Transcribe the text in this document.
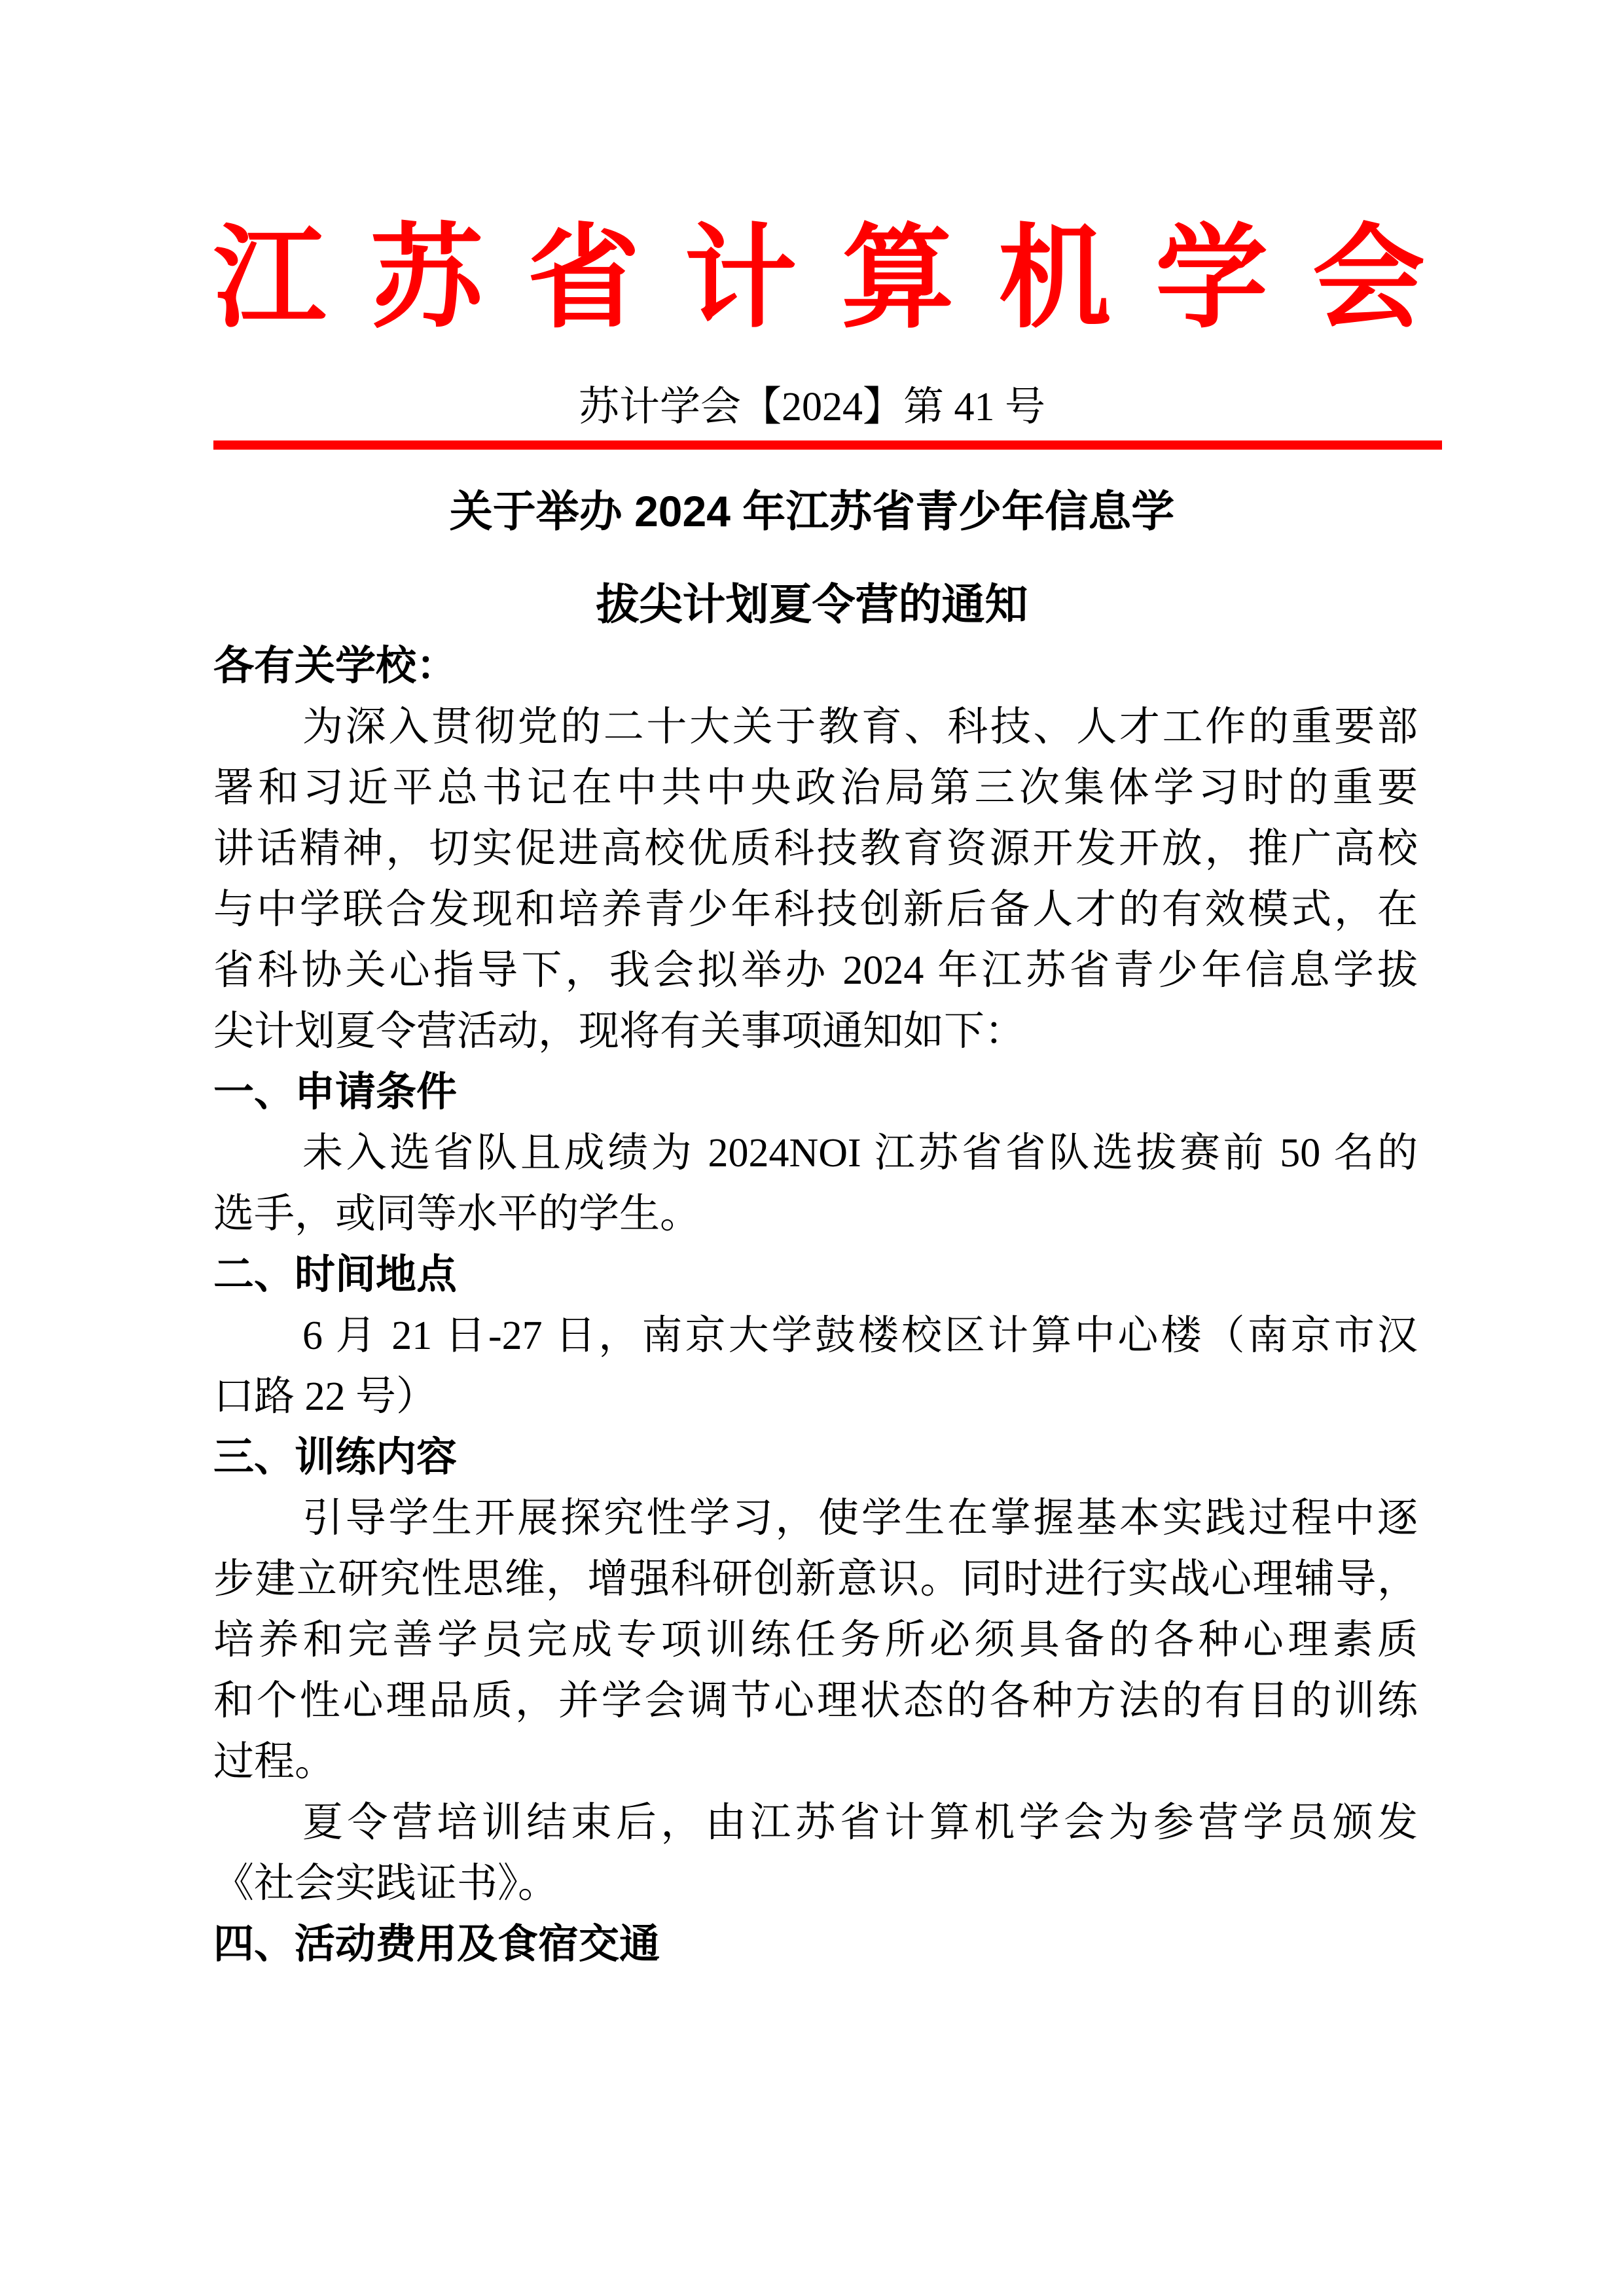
江 苏 省 计 算 机 学 会
苏计学会【2024】第 41 号
关于举办 2024 年江苏省青少年信息学
拔尖计划夏令营的通知
各有关学校：
为深入贯彻党的二十大关于教育、科技、人才工作的重要部
署和习近平总书记在中共中央政治局第三次集体学习时的重要
讲话精神，切实促进高校优质科技教育资源开发开放，推广高校
与中学联合发现和培养青少年科技创新后备人才的有效模式，在
省科协关心指导下，我会拟举办 2024 年江苏省青少年信息学拔
尖计划夏令营活动，现将有关事项通知如下：
一、申请条件
未入选省队且成绩为 2024NOI 江苏省省队选拔赛前 50 名的
选手，或同等水平的学生。
二、时间地点
6 月 21 日-27 日，南京大学鼓楼校区计算中心楼（南京市汉
口路 22 号）
三、训练内容
引导学生开展探究性学习，使学生在掌握基本实践过程中逐
步建立研究性思维，增强科研创新意识。同时进行实战心理辅导，
培养和完善学员完成专项训练任务所必须具备的各种心理素质
和个性心理品质，并学会调节心理状态的各种方法的有目的训练
过程。
夏令营培训结束后，由江苏省计算机学会为参营学员颁发
《社会实践证书》。
四、活动费用及食宿交通
